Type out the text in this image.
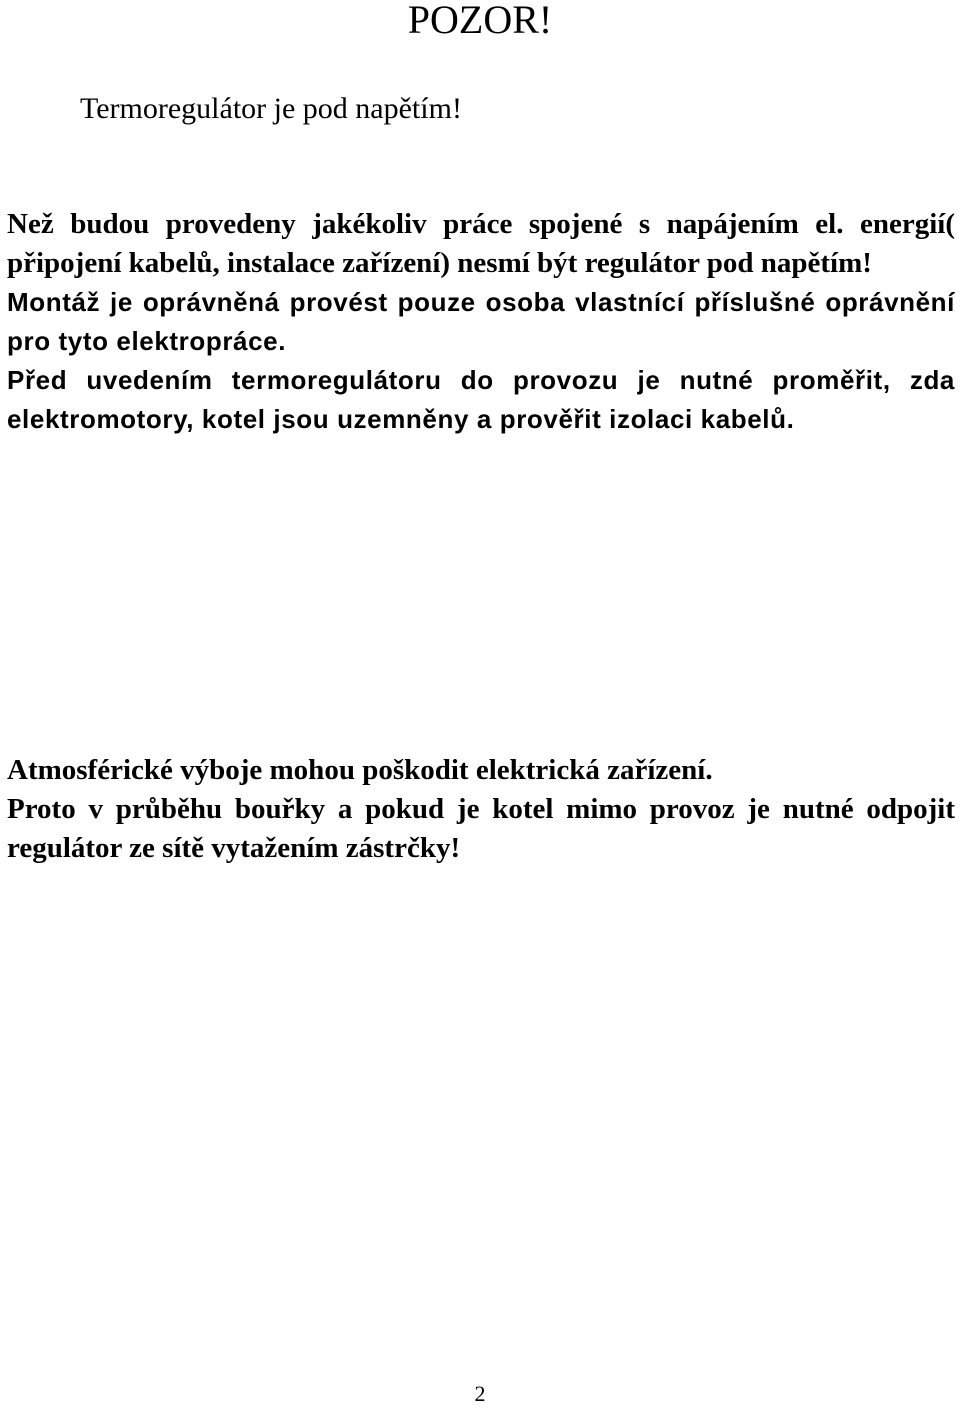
POZOR!
Termoregulátor je pod napětím!

Než budou provedeny jakékoliv práce spojené s napájením el. energií( připojení kabelů, instalace zařízení) nesmí být regulátor pod napětím!

Montáž je oprávněná provést pouze osoba vlastnící příslušné oprávnění pro tyto elektropráce.

Před uvedením termoregulátoru do provozu je nutné proměřit, zda elektromotory, kotel jsou uzemněny a prověřit izolaci kabelů.

Atmosférické výboje mohou poškodit elektrická zařízení.

Proto v průběhu bouřky a pokud je kotel mimo provoz je nutné odpojit regulátor ze sítě vytažením zástrčky!

2
